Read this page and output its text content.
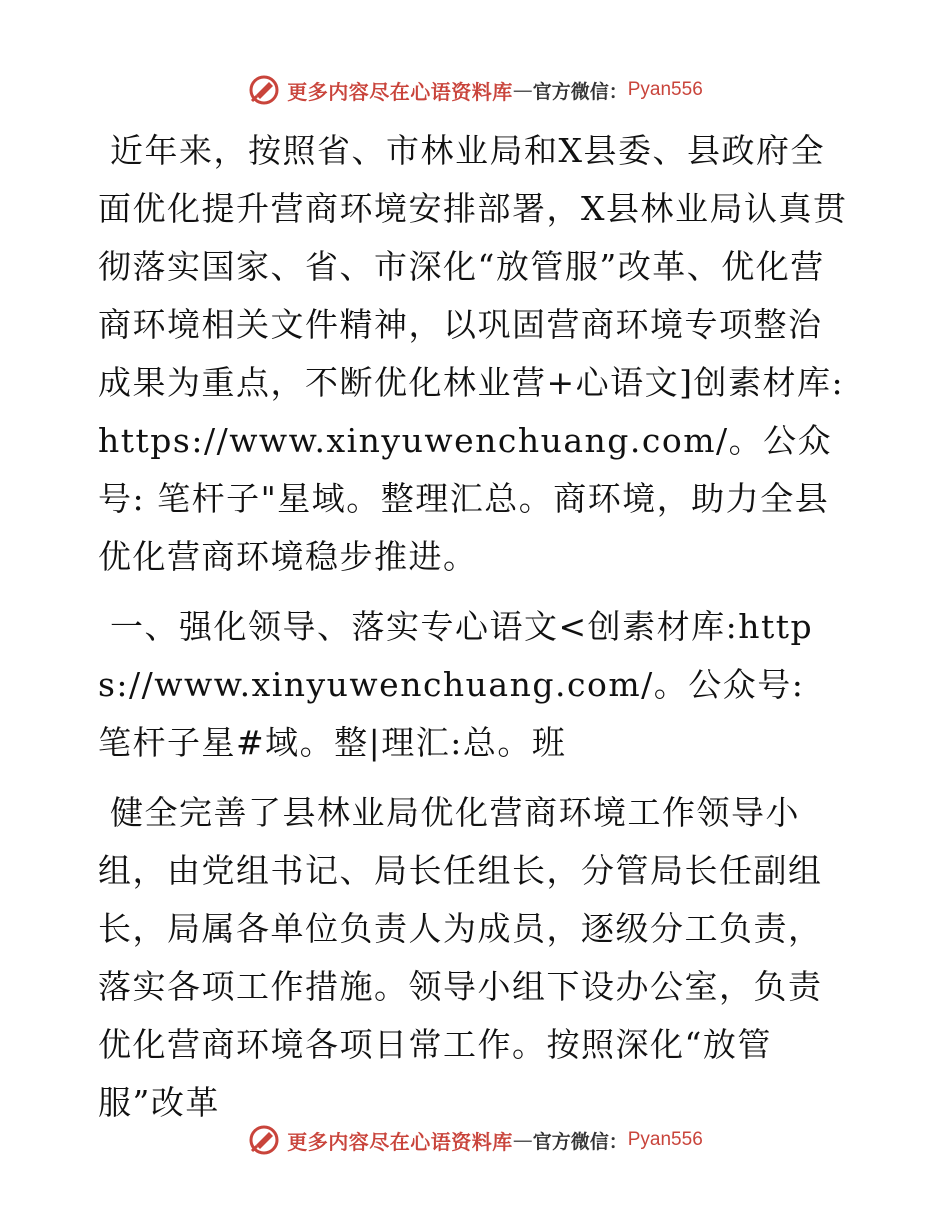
更多内容尽在心语资料库 — 官方微信： Pyan556

近年来，按照省、市林业局和X县委、县政府全面优化提升营商环境安排部署，X县林业局认真贯彻落实国家、省、市深化“放管服”改革、优化营商环境相关文件精神，以巩固营商环境专项整治成果为重点，不断优化林业营+心语文]创素材库:https://www.xinyuwenchuang.com/。公众号: 笔杆子"星域。整理汇总。商环境，助力全县优化营商环境稳步推进。

一、强化领导、落实专心语文<创素材库:https://www.xinyuwenchuang.com/。公众号: 笔杆子星#域。整|理汇:总。班

健全完善了县林业局优化营商环境工作领导小组，由党组书记、局长任组长，分管局长任副组长，局属各单位负责人为成员，逐级分工负责，落实各项工作措施。领导小组下设办公室，负责优化营商环境各项日常工作。按照深化“放管服”改革

更多内容尽在心语资料库 — 官方微信： Pyan556
